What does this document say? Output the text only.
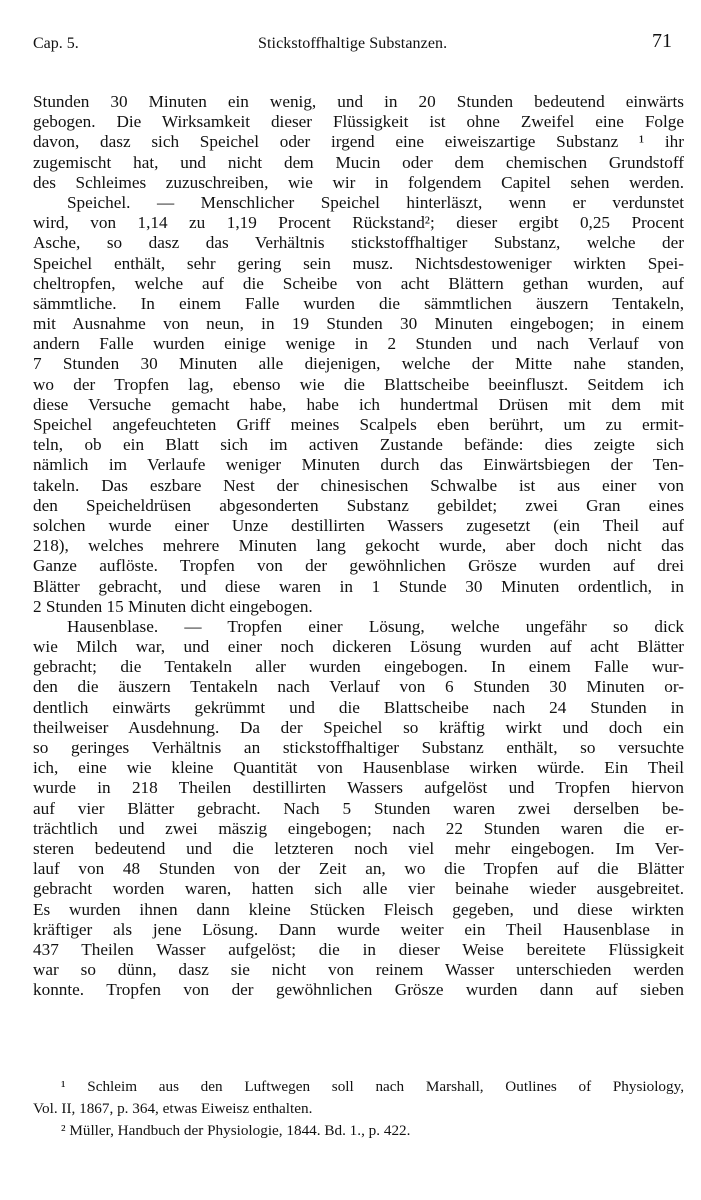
Cap. 5.	Stickstoffhaltige Substanzen.	71
Stunden 30 Minuten ein wenig, und in 20 Stunden bedeutend einwärts
gebogen. Die Wirksamkeit dieser Flüssigkeit ist ohne Zweifel eine Folge
davon, dasz sich Speichel oder irgend eine eiweiszartige Substanz ¹ ihr
zugemischt hat, und nicht dem Mucin oder dem chemischen Grundstoff
des Schleimes zuzuschreiben, wie wir in folgendem Capitel sehen werden.
Speichel. — Menschlicher Speichel hinterläszt, wenn er verdunstet
wird, von 1,14 zu 1,19 Procent Rückstand²; dieser ergibt 0,25 Procent
Asche, so dasz das Verhältnis stickstoffhaltiger Substanz, welche der
Speichel enthält, sehr gering sein musz. Nichtsdestoweniger wirkten Spei-
cheltropfen, welche auf die Scheibe von acht Blättern gethan wurden, auf
sämmtliche. In einem Falle wurden die sämmtlichen äuszern Tentakeln,
mit Ausnahme von neun, in 19 Stunden 30 Minuten eingebogen; in einem
andern Falle wurden einige wenige in 2 Stunden und nach Verlauf von
7 Stunden 30 Minuten alle diejenigen, welche der Mitte nahe standen,
wo der Tropfen lag, ebenso wie die Blattscheibe beeinfluszt. Seitdem ich
diese Versuche gemacht habe, habe ich hundertmal Drüsen mit dem mit
Speichel angefeuchteten Griff meines Scalpels eben berührt, um zu ermit-
teln, ob ein Blatt sich im activen Zustande befände: dies zeigte sich
nämlich im Verlaufe weniger Minuten durch das Einwärtsbiegen der Ten-
takeln. Das eszbare Nest der chinesischen Schwalbe ist aus einer von
den Speicheldrüsen abgesonderten Substanz gebildet; zwei Gran eines
solchen wurde einer Unze destillirten Wassers zugesetzt (ein Theil auf
218), welches mehrere Minuten lang gekocht wurde, aber doch nicht das
Ganze auflöste. Tropfen von der gewöhnlichen Grösze wurden auf drei
Blätter gebracht, und diese waren in 1 Stunde 30 Minuten ordentlich, in
2 Stunden 15 Minuten dicht eingebogen.
Hausenblase. — Tropfen einer Lösung, welche ungefähr so dick
wie Milch war, und einer noch dickeren Lösung wurden auf acht Blätter
gebracht; die Tentakeln aller wurden eingebogen. In einem Falle wur-
den die äuszern Tentakeln nach Verlauf von 6 Stunden 30 Minuten or-
dentlich einwärts gekrümmt und die Blattscheibe nach 24 Stunden in
theilweiser Ausdehnung. Da der Speichel so kräftig wirkt und doch ein
so geringes Verhältnis an stickstoffhaltiger Substanz enthält, so versuchte
ich, eine wie kleine Quantität von Hausenblase wirken würde. Ein Theil
wurde in 218 Theilen destillirten Wassers aufgelöst und Tropfen hiervon
auf vier Blätter gebracht. Nach 5 Stunden waren zwei derselben be-
trächtlich und zwei mäszig eingebogen; nach 22 Stunden waren die er-
steren bedeutend und die letzteren noch viel mehr eingebogen. Im Ver-
lauf von 48 Stunden von der Zeit an, wo die Tropfen auf die Blätter
gebracht worden waren, hatten sich alle vier beinahe wieder ausgebreitet.
Es wurden ihnen dann kleine Stücken Fleisch gegeben, und diese wirkten
kräftiger als jene Lösung. Dann wurde weiter ein Theil Hausenblase in
437 Theilen Wasser aufgelöst; die in dieser Weise bereitete Flüssigkeit
war so dünn, dasz sie nicht von reinem Wasser unterschieden werden
konnte. Tropfen von der gewöhnlichen Grösze wurden dann auf sieben
¹ Schleim aus den Luftwegen soll nach Marshall, Outlines of Physiology,
Vol. II, 1867, p. 364, etwas Eiweisz enthalten.
² Müller, Handbuch der Physiologie, 1844. Bd. 1., p. 422.
